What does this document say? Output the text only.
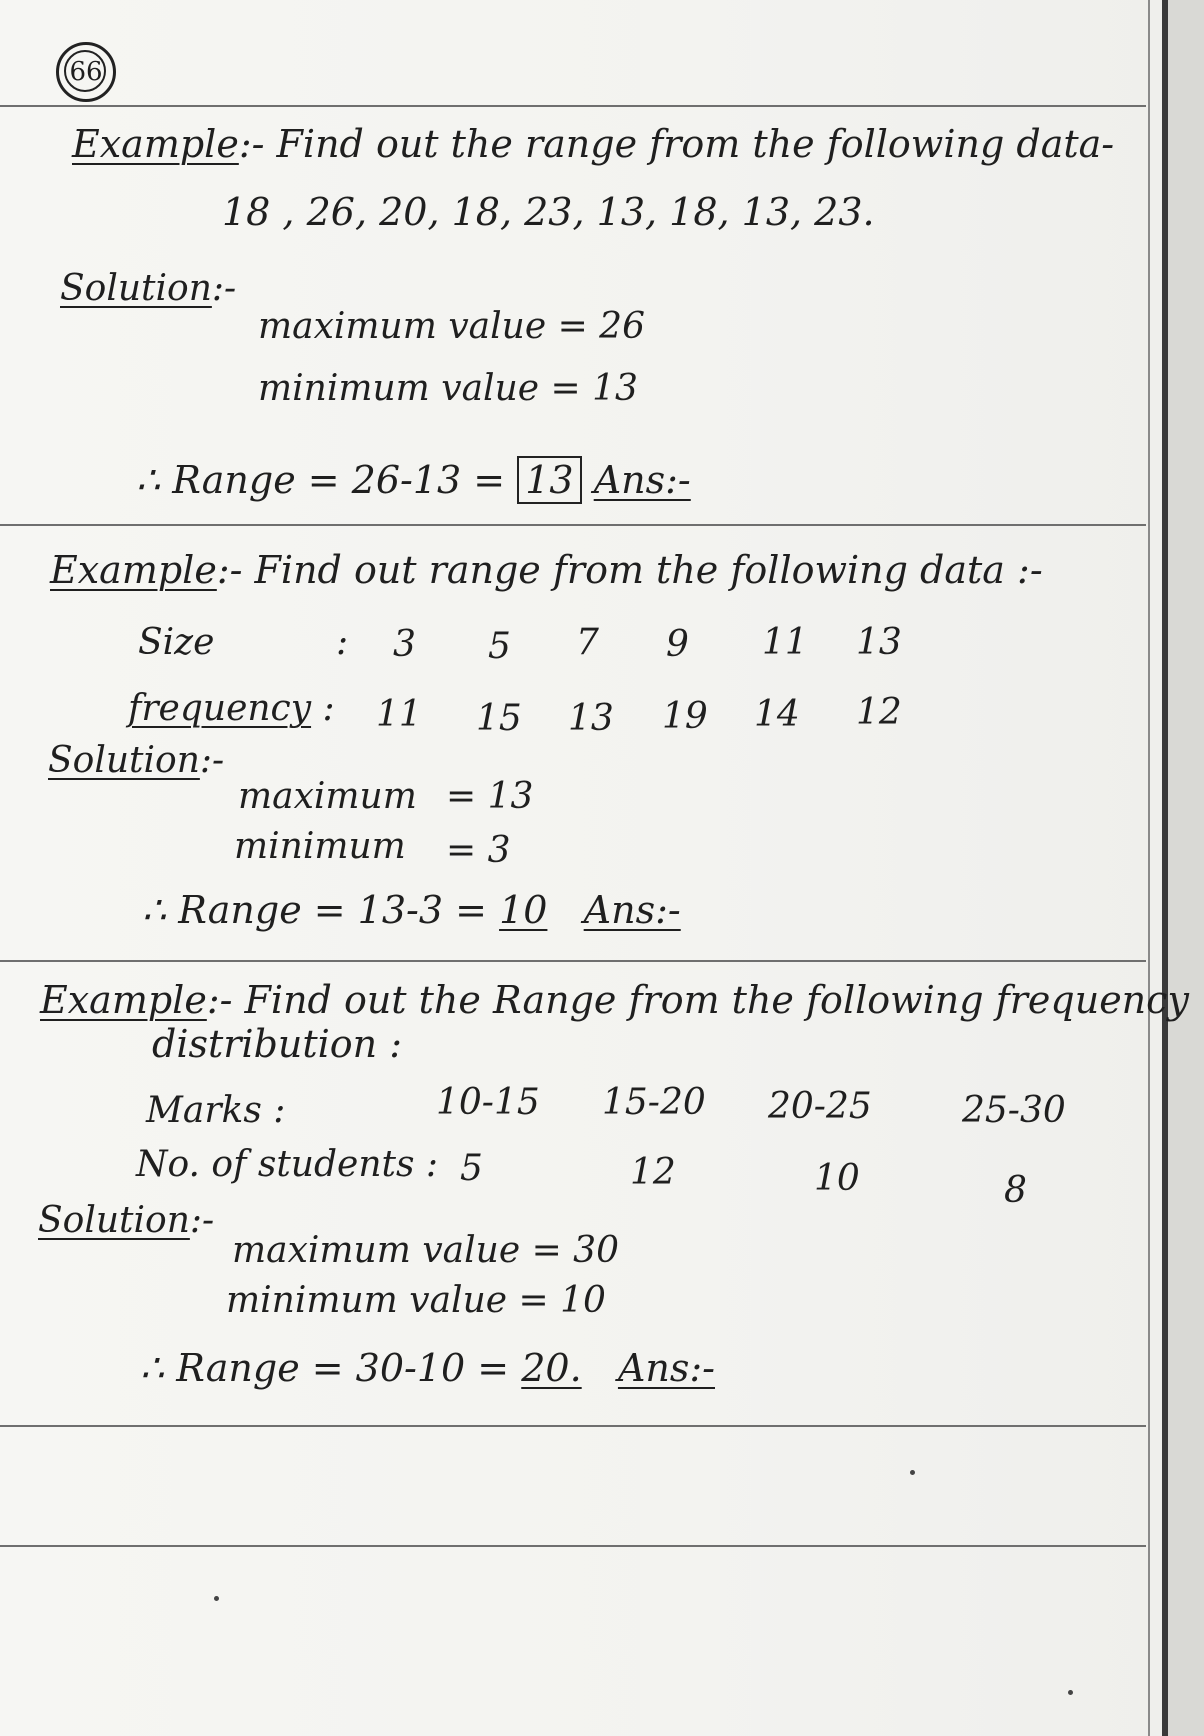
66
Example:- Find out the range from the following data-
18 , 26, 20, 18, 23, 13, 18, 13, 23.
Solution:-
maximum value = 26
minimum value = 13
∴ Range = 26-13 = 13 Ans:-
Example:- Find out range from the following data :-
Size	: 3 5 7 9 11 13
frequency : 11 15 13 19 14 12
Solution:-
maximum = 13
minimum = 3
∴ Range = 13-3 = 10 Ans:-
Example:- Find out the Range from the following frequency
distribution :
Marks :	10-15 15-20 20-25	25-30
No. of students : 5	12	10	8
Solution:-
maximum value = 30
minimum value = 10
∴ Range = 30-10 = 20. Ans:-
